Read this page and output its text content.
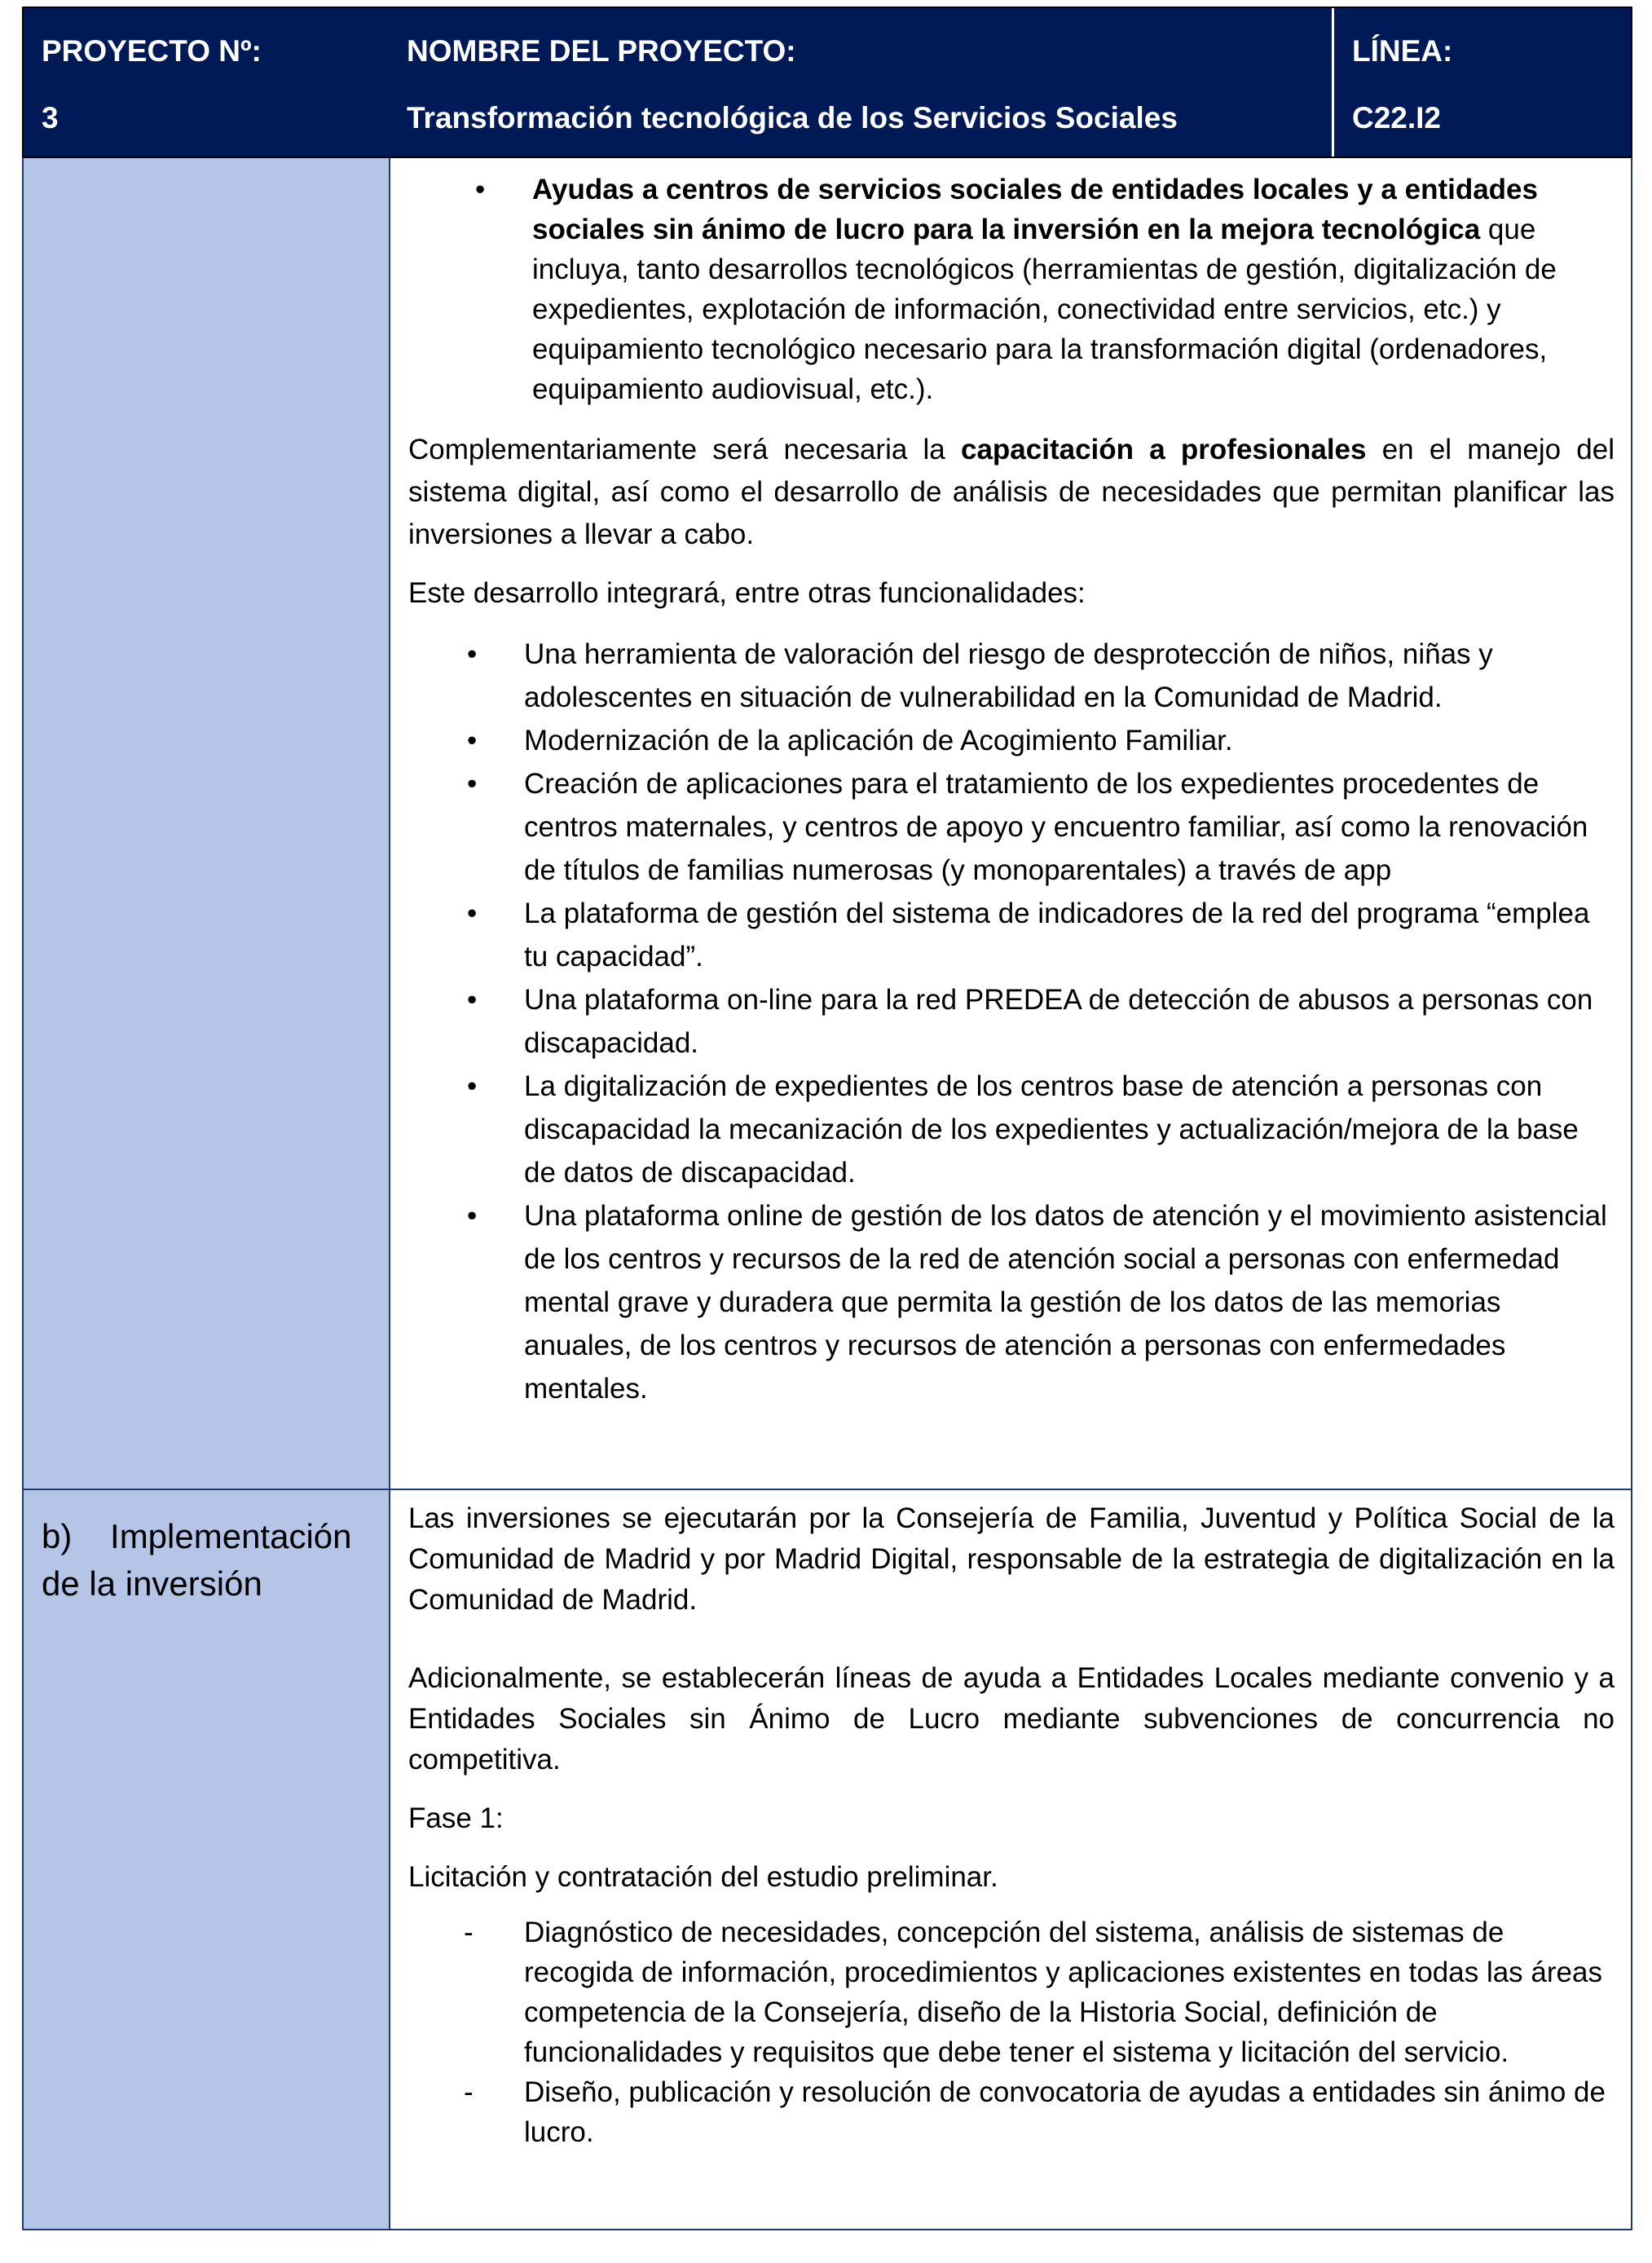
PROYECTO Nº:
3
NOMBRE DEL PROYECTO:
Transformación tecnológica de los Servicios Sociales
LÍNEA:
C22.I2
• Ayudas a centros de servicios sociales de entidades locales y a entidades sociales sin ánimo de lucro para la inversión en la mejora tecnológica que incluya, tanto desarrollos tecnológicos (herramientas de gestión, digitalización de expedientes, explotación de información, conectividad entre servicios, etc.) y equipamiento tecnológico necesario para la transformación digital (ordenadores, equipamiento audiovisual, etc.).

Complementariamente será necesaria la capacitación a profesionales en el manejo del sistema digital, así como el desarrollo de análisis de necesidades que permitan planificar las inversiones a llevar a cabo.

Este desarrollo integrará, entre otras funcionalidades:

• Una herramienta de valoración del riesgo de desprotección de niños, niñas y adolescentes en situación de vulnerabilidad en la Comunidad de Madrid.
• Modernización de la aplicación de Acogimiento Familiar.
• Creación de aplicaciones para el tratamiento de los expedientes procedentes de centros maternales, y centros de apoyo y encuentro familiar, así como la renovación de títulos de familias numerosas (y monoparentales) a través de app
• La plataforma de gestión del sistema de indicadores de la red del programa “emplea tu capacidad”.
• Una plataforma on-line para la red PREDEA de detección de abusos a personas con discapacidad.
• La digitalización de expedientes de los centros base de atención a personas con discapacidad la mecanización de los expedientes y actualización/mejora de la base de datos de discapacidad.
• Una plataforma online de gestión de los datos de atención y el movimiento asistencial de los centros y recursos de la red de atención social a personas con enfermedad mental grave y duradera que permita la gestión de los datos de las memorias anuales, de los centros y recursos de atención a personas con enfermedades mentales.
b)    Implementación de la inversión

Las inversiones se ejecutarán por la Consejería de Familia, Juventud y Política Social de la Comunidad de Madrid y por Madrid Digital, responsable de la estrategia de digitalización en la Comunidad de Madrid.

Adicionalmente, se establecerán líneas de ayuda a Entidades Locales mediante convenio y a Entidades Sociales sin Ánimo de Lucro mediante subvenciones de concurrencia no competitiva.

Fase 1:

Licitación y contratación del estudio preliminar.

- Diagnóstico de necesidades, concepción del sistema, análisis de sistemas de recogida de información, procedimientos y aplicaciones existentes en todas las áreas competencia de la Consejería, diseño de la Historia Social, definición de funcionalidades y requisitos que debe tener el sistema y licitación del servicio.
- Diseño, publicación y resolución de convocatoria de ayudas a entidades sin ánimo de lucro.
